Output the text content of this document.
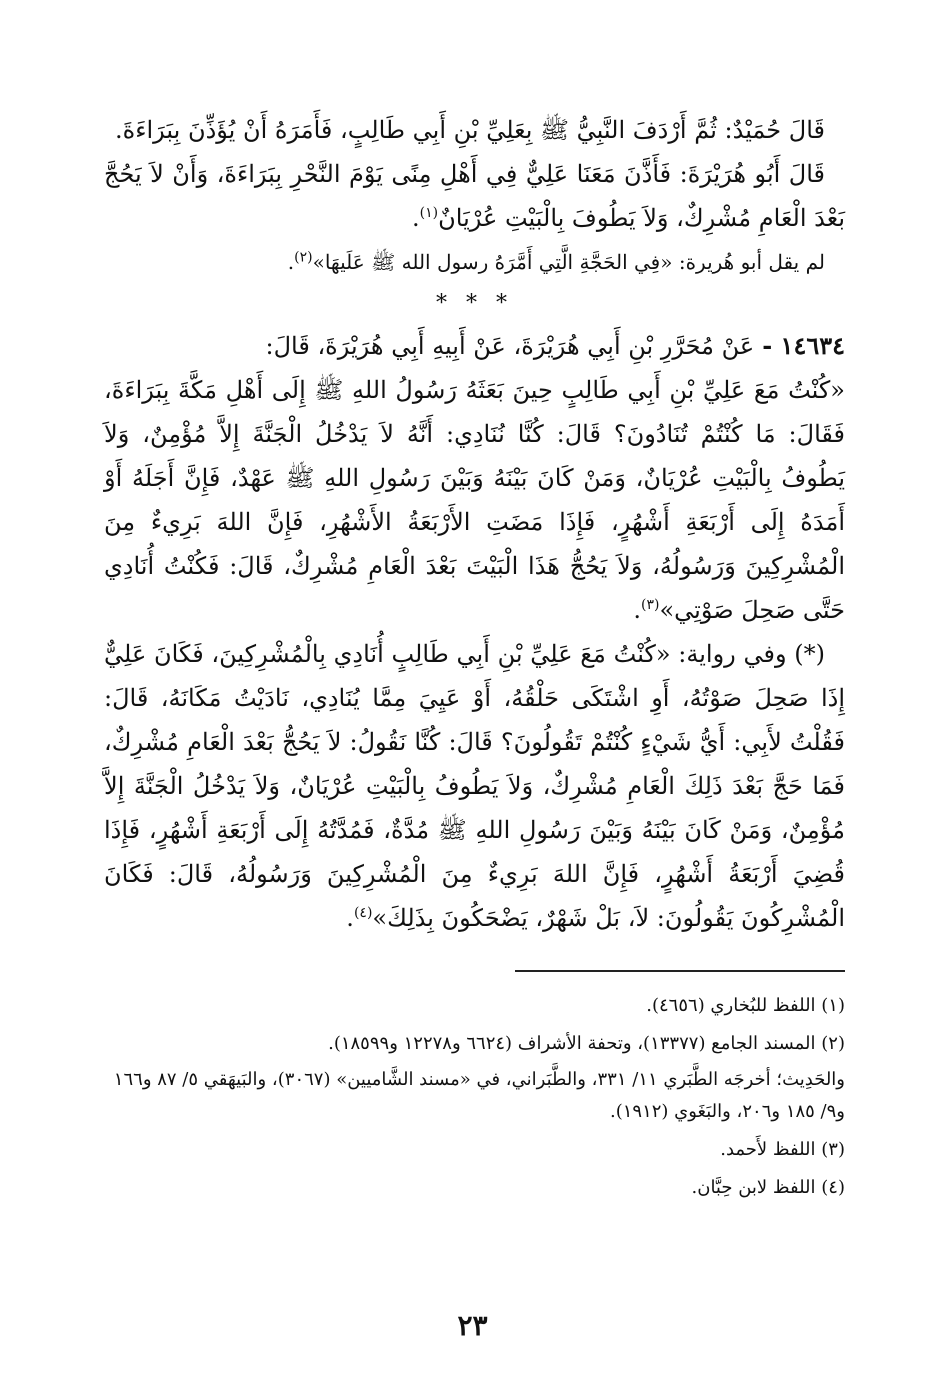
قَالَ حُمَيْدٌ: ثُمَّ أَرْدَفَ النَّبِيُّ ﷺ بِعَلِيِّ بْنِ أَبِي طَالِبٍ، فَأَمَرَهُ أَنْ يُؤَذِّنَ بِبَرَاءَةَ.

قَالَ أَبُو هُرَيْرَةَ: فَأَذَّنَ مَعَنَا عَلِيٌّ فِي أَهْلِ مِنًى يَوْمَ النَّحْرِ بِبَرَاءَةَ، وَأَنْ لاَ يَحُجَّ بَعْدَ الْعَامِ مُشْرِكٌ، وَلاَ يَطُوفَ بِالْبَيْتِ عُرْيَانٌ$^{(١)}$.

لم يقل أبو هُريرة: «فِي الحَجَّةِ الَّتِي أَمَّرَهُ رسول الله ﷺ عَلَيهَا»$^{(٢)}$.

* * *

١٤٦٣٤ -عَنْ مُحَرَّرِ بْنِ أَبِي هُرَيْرَةَ، عَنْ أَبِيهِ أَبِي هُرَيْرَةَ، قَالَ:

«كُنْتُ مَعَ عَلِيِّ بْنِ أَبِي طَالِبٍ حِينَ بَعَثَهُ رَسُولُ اللهِ ﷺ إِلَى أَهْلِ مَكَّةَ بِبَرَاءَةَ، فَقَالَ: مَا كُنْتُمْ تُنَادُونَ؟ قَالَ: كُنَّا نُنَادِي: أَنَّهُ لاَ يَدْخُلُ الْجَنَّةَ إِلاَّ مُؤْمِنٌ، وَلاَ يَطُوفُ بِالْبَيْتِ عُرْيَانٌ، وَمَنْ كَانَ بَيْنَهُ وَبَيْنَ رَسُولِ اللهِ ﷺ عَهْدٌ، فَإِنَّ أَجَلَهُ أَوْ أَمَدَهُ إِلَى أَرْبَعَةِ أَشْهُرٍ، فَإِذَا مَضَتِ الأَرْبَعَةُ الأَشْهُرِ، فَإِنَّ اللهَ بَرِيءٌ مِنَ الْمُشْرِكِينَ وَرَسُولُهُ، وَلاَ يَحُجُّ هَذَا الْبَيْتَ بَعْدَ الْعَامِ مُشْرِكٌ، قَالَ: فَكُنْتُ أُنَادِي حَتَّى صَحِلَ صَوْتِي»$^{(٣)}$.

(*) وفي رواية: «كُنْتُ مَعَ عَلِيِّ بْنِ أَبِي طَالِبٍ أُنَادِي بِالْمُشْرِكِينَ، فَكَانَ عَلِيٌّ إِذَا صَحِلَ صَوْتُهُ، أَوِ اشْتَكَى حَلْقُهُ، أَوْ عَيِيَ مِمَّا يُنَادِي، نَادَيْتُ مَكَانَهُ، قَالَ: فَقُلْتُ لأَبِي: أَيُّ شَيْءٍ كُنْتُمْ تَقُولُونَ؟ قَالَ: كُنَّا نَقُولُ: لاَ يَحُجُّ بَعْدَ الْعَامِ مُشْرِكٌ، فَمَا حَجَّ بَعْدَ ذَلِكَ الْعَامِ مُشْرِكٌ، وَلاَ يَطُوفُ بِالْبَيْتِ عُرْيَانٌ، وَلاَ يَدْخُلُ الْجَنَّةَ إِلاَّ مُؤْمِنٌ، وَمَنْ كَانَ بَيْنَهُ وَبَيْنَ رَسُولِ اللهِ ﷺ مُدَّةٌ، فَمُدَّتُهُ إِلَى أَرْبَعَةِ أَشْهُرٍ، فَإِذَا قُضِيَ أَرْبَعَةُ أَشْهُرٍ، فَإِنَّ اللهَ بَرِيءٌ مِنَ الْمُشْرِكِينَ وَرَسُولُهُ، قَالَ: فَكَانَ الْمُشْرِكُونَ يَقُولُونَ: لاَ، بَلْ شَهْرٌ، يَضْحَكُونَ بِذَلِكَ»$^{(٤)}$.

(١) اللفظ للبُخاري (٤٦٥٦).

(٢) المسند الجامع (١٣٣٧٧)، وتحفة الأشراف (٦٦٢٤ و١٢٢٧٨ و١٨٥٩٩).

والحَدِيث؛ أخرجَه الطَّبَري ١١/ ٣٣١، والطَّبَراني، في «مسند الشَّاميين» (٣٠٦٧)، والبَيهَقي ٥/ ٨٧ و١٦٦ و٩/ ١٨٥ و٢٠٦، والبَغَوي (١٩١٢).

(٣) اللفظ لأَحمد.

(٤) اللفظ لابن حِبَّان.

٢٣
